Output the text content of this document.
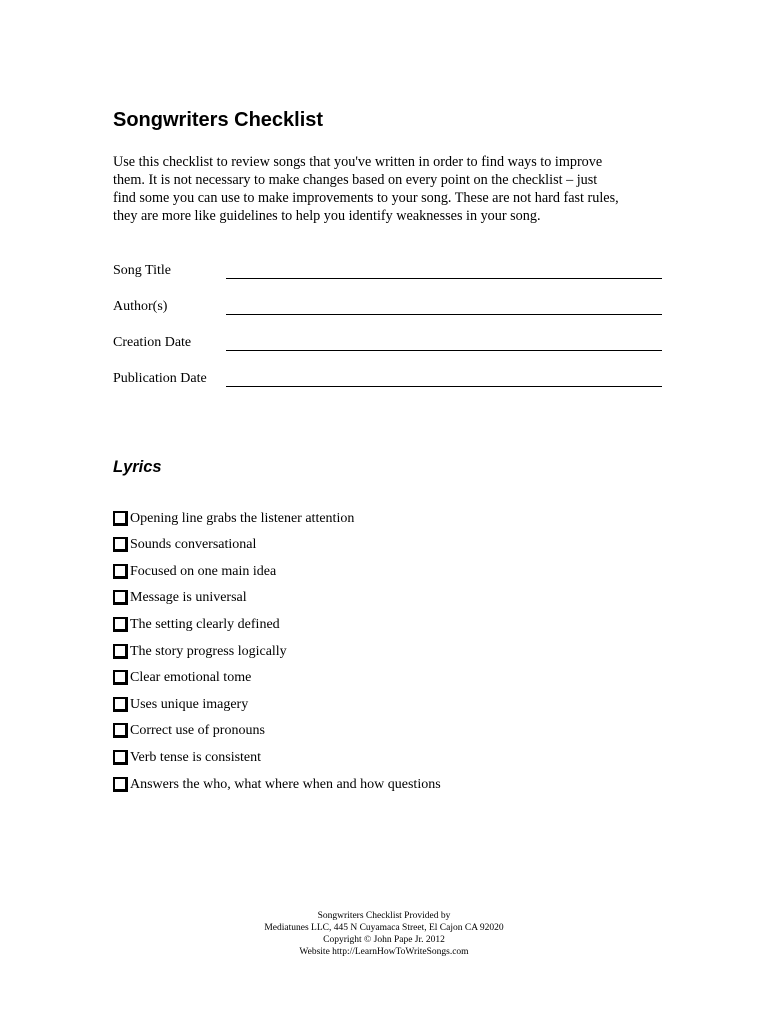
Songwriters Checklist

Use this checklist to review songs that you've written in order to find ways to improve
them. It is not necessary to make changes based on every point on the checklist – just
find some you can use to make improvements to your song. These are not hard fast rules,
they are more like guidelines to help you identify weaknesses in your song.

Song Title
Author(s)
Creation Date
Publication Date
Lyrics
Opening line grabs the listener attention
Sounds conversational
Focused on one main idea
Message is universal
The setting clearly defined
The story progress logically
Clear emotional tome
Uses unique imagery
Correct use of pronouns
Verb tense is consistent
Answers the who, what where when and how questions
Songwriters Checklist Provided by
Mediatunes LLC, 445 N Cuyamaca Street, El Cajon CA 92020
Copyright © John Pape Jr. 2012
Website http://LearnHowToWriteSongs.com
